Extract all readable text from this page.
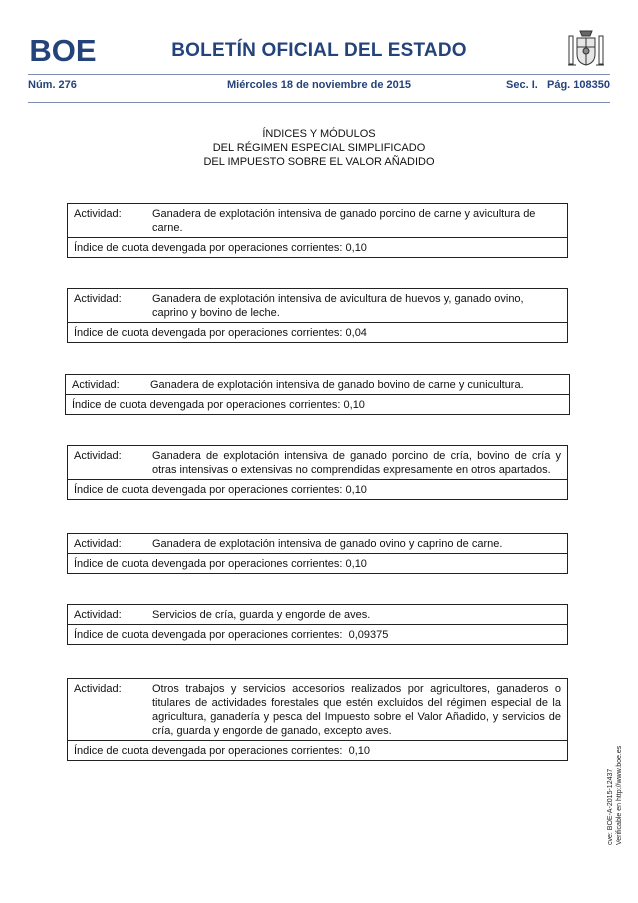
BOE	BOLETÍN OFICIAL DEL ESTADO
Núm. 276	Miércoles 18 de noviembre de 2015	Sec. I.   Pág. 108350
ÍNDICES Y MÓDULOS
DEL RÉGIMEN ESPECIAL SIMPLIFICADO
DEL IMPUESTO SOBRE EL VALOR AÑADIDO
Actividad:	Ganadera de explotación intensiva de ganado porcino de carne y avicultura de carne.
Índice de cuota devengada por operaciones corrientes: 0,10
Actividad:	Ganadera de explotación intensiva de avicultura de huevos y, ganado ovino, caprino y bovino de leche.
Índice de cuota devengada por operaciones corrientes: 0,04
Actividad:	Ganadera de explotación intensiva de ganado bovino de carne y cunicultura.
Índice de cuota devengada por operaciones corrientes: 0,10
Actividad:	Ganadera de explotación intensiva de ganado porcino de cría, bovino de cría y otras intensivas o extensivas no comprendidas expresamente en otros apartados.
Índice de cuota devengada por operaciones corrientes: 0,10
Actividad:	Ganadera de explotación intensiva de ganado ovino y caprino de carne.
Índice de cuota devengada por operaciones corrientes: 0,10
Actividad:	Servicios de cría, guarda y engorde de aves.
Índice de cuota devengada por operaciones corrientes:  0,09375
Actividad:	Otros trabajos y servicios accesorios realizados por agricultores, ganaderos o titulares de actividades forestales que estén excluidos del régimen especial de la agricultura, ganadería y pesca del Impuesto sobre el Valor Añadido, y servicios de cría, guarda y engorde de ganado, excepto aves.
Índice de cuota devengada por operaciones corrientes:  0,10
cve: BOE-A-2015-12437 Verificable en http://www.boe.es
